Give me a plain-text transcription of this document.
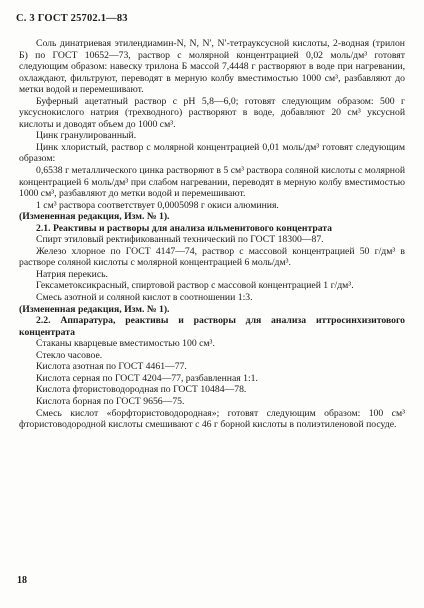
С. 3 ГОСТ 25702.1—83

Соль динатриевая этилендиамин-N, N, N′, N′-тетрауксусной кислоты, 2-водная (трилон Б) по ГОСТ 10652—73, раствор с молярной концентрацией 0,02 моль/дм³ готовят следующим образом: навеску трилона Б массой 7,4448 г растворяют в воде при нагревании, охлаждают, фильтруют, переводят в мерную колбу вместимостью 1000 см³, разбавляют до метки водой и перемешивают.

Буферный ацетатный раствор с pH 5,8—6,0; готовят следующим образом: 500 г уксуснокислого натрия (трехводного) растворяют в воде, добавляют 20 см³ уксусной кислоты и доводят объем до 1000 см³.

Цинк гранулированный.

Цинк хлористый, раствор с молярной концентрацией 0,01 моль/дм³ готовят следующим образом:

0,6538 г металлического цинка растворяют в 5 см³ раствора соляной кислоты с молярной концентрацией 6 моль/дм³ при слабом нагревании, переводят в мерную колбу вместимостью 1000 см³, разбавляют до метки водой и перемешивают.

1 см³ раствора соответствует 0,0005098 г окиси алюминия.

(Измененная редакция, Изм. № 1).

2.1. Реактивы и растворы для анализа ильменитового концентрата

Спирт этиловый ректификованный технический по ГОСТ 18300—87.

Железо хлорное по ГОСТ 4147—74, раствор с массовой концентрацией 50 г/дм³ в растворе соляной кислоты с молярной концентрацией 6 моль/дм³.

Натрия перекись.

Гексаметоксикрасный, спиртовой раствор с массовой концентрацией 1 г/дм³.

Смесь азотной и соляной кислот в соотношении 1:3.

(Измененная редакция, Изм. № 1).

2.2. Аппаратура, реактивы и растворы для анализа иттросинхизитового концентрата

Стаканы кварцевые вместимостью 100 см³.

Стекло часовое.

Кислота азотная по ГОСТ 4461—77.

Кислота серная по ГОСТ 4204—77, разбавленная 1:1.

Кислота фтористоводородная по ГОСТ 10484—78.

Кислота борная по ГОСТ 9656—75.

Смесь кислот «борфтористоводородная»; готовят следующим образом: 100 см³ фтористоводородной кислоты смешивают с 46 г борной кислоты в полиэтиленовой посуде.

18
